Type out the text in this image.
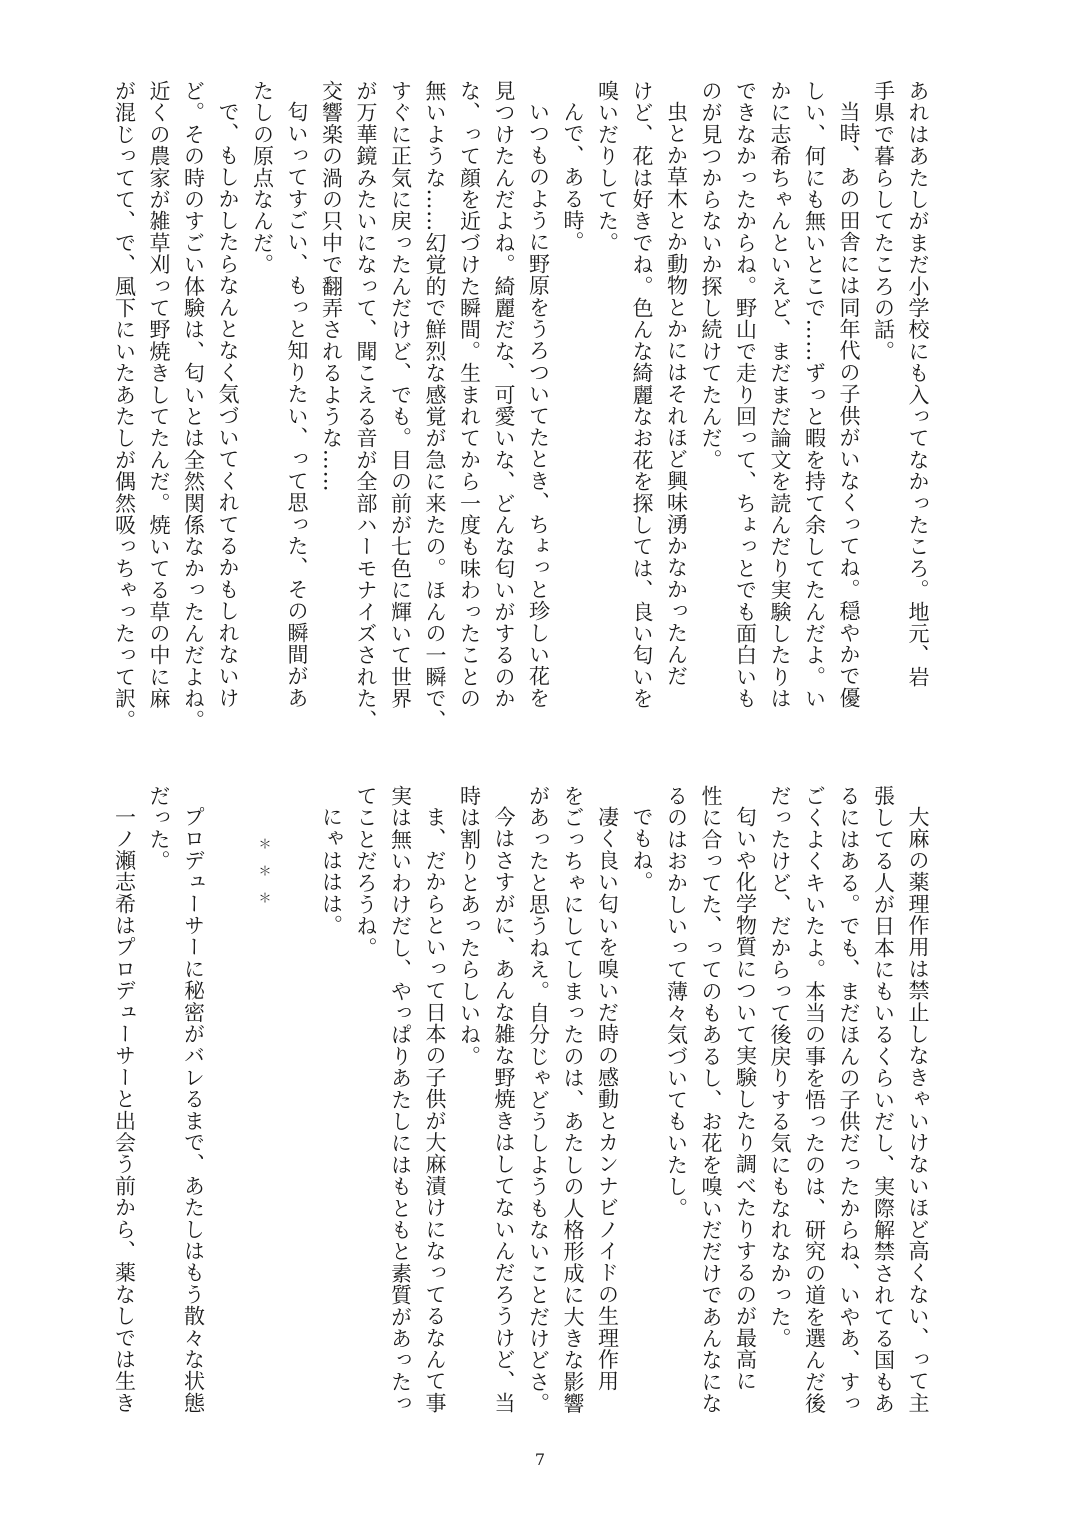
あれはあたしがまだ小学校にも入ってなかったころ。地元、岩
手県で暮らしてたころの話。
当時、あの田舎には同年代の子供がいなくってね。穏やかで優
しい、何にも無いとこで……ずっと暇を持て余してたんだよ。い
かに志希ちゃんといえど、まだまだ論文を読んだり実験したりは
できなかったからね。野山で走り回って、ちょっとでも面白いも
のが見つからないか探し続けてたんだ。
虫とか草木とか動物とかにはそれほど興味湧かなかったんだ
けど、花は好きでね。色んな綺麗なお花を探しては、良い匂いを
嗅いだりしてた。
んで、ある時。
いつものように野原をうろついてたとき、ちょっと珍しい花を
見つけたんだよね。綺麗だな、可愛いな、どんな匂いがするのか
な、って顔を近づけた瞬間。生まれてから一度も味わったことの
無いような……幻覚的で鮮烈な感覚が急に来たの。ほんの一瞬で、
すぐに正気に戻ったんだけど、でも。目の前が七色に輝いて世界
が万華鏡みたいになって、聞こえる音が全部ハーモナイズされた、
交響楽の渦の只中で翻弄されるような……
匂いってすごい、もっと知りたい、って思った、その瞬間があ
たしの原点なんだ。
で、もしかしたらなんとなく気づいてくれてるかもしれないけ
ど。その時のすごい体験は、匂いとは全然関係なかったんだよね。
近くの農家が雑草刈って野焼きしてたんだ。焼いてる草の中に麻
が混じってて、で、風下にいたあたしが偶然吸っちゃったって訳。
大麻の薬理作用は禁止しなきゃいけないほど高くない、って主
張してる人が日本にもいるくらいだし、実際解禁されてる国もあ
るにはある。でも、まだほんの子供だったからね、いやあ、すっ
ごくよくキいたよ。本当の事を悟ったのは、研究の道を選んだ後
だったけど、だからって後戻りする気にもなれなかった。
匂いや化学物質について実験したり調べたりするのが最高に
性に合ってた、ってのもあるし、お花を嗅いだだけであんなにな
るのはおかしいって薄々気づいてもいたし。
でもね。
凄く良い匂いを嗅いだ時の感動とカンナビノイドの生理作用
をごっちゃにしてしまったのは、あたしの人格形成に大きな影響
があったと思うねえ。自分じゃどうしようもないことだけどさ。
今はさすがに、あんな雑な野焼きはしてないんだろうけど、当
時は割りとあったらしいね。
ま、だからといって日本の子供が大麻漬けになってるなんて事
実は無いわけだし、やっぱりあたしにはもともと素質があったっ
てことだろうね。
にゃははは。
＊＊＊
プロデューサーに秘密がバレるまで、あたしはもう散々な状態
だった。
一ノ瀬志希はプロデューサーと出会う前から、薬なしでは生き
7
